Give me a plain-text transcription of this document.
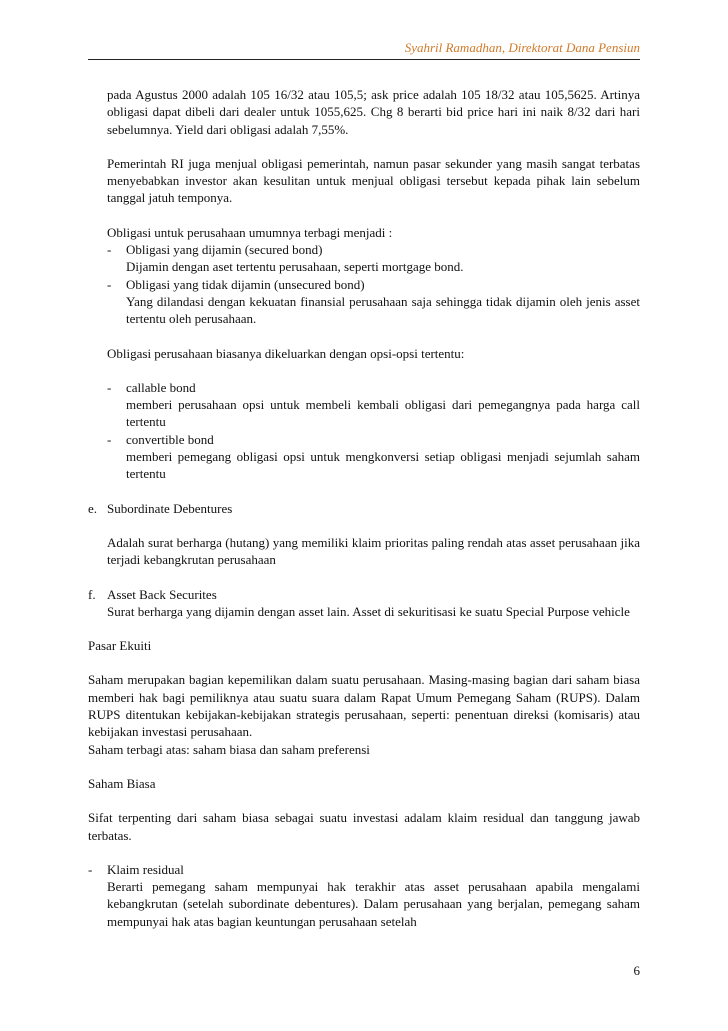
Syahril Ramadhan, Direktorat Dana Pensiun

pada Agustus 2000 adalah 105 16/32 atau 105,5; ask price adalah 105 18/32 atau 105,5625. Artinya obligasi dapat dibeli dari dealer untuk 1055,625. Chg 8 berarti bid price hari ini naik 8/32 dari hari sebelumnya. Yield dari obligasi adalah 7,55%.

Pemerintah RI juga menjual obligasi pemerintah, namun pasar sekunder yang masih sangat terbatas menyebabkan investor akan kesulitan untuk menjual obligasi tersebut kepada pihak lain sebelum tanggal jatuh temponya.

Obligasi untuk perusahaan umumnya terbagi menjadi :

-	Obligasi yang dijamin (secured bond)

Dijamin dengan aset tertentu perusahaan, seperti mortgage bond.

-	Obligasi yang tidak dijamin (unsecured bond)

Yang dilandasi dengan kekuatan finansial perusahaan saja sehingga tidak dijamin oleh jenis asset tertentu oleh perusahaan.

Obligasi perusahaan biasanya dikeluarkan dengan opsi-opsi tertentu:

-	callable bond

memberi perusahaan opsi untuk membeli kembali obligasi dari pemegangnya pada harga call tertentu

-	convertible bond

memberi pemegang obligasi opsi untuk mengkonversi setiap obligasi menjadi sejumlah saham tertentu

e. Subordinate Debentures

Adalah surat berharga (hutang) yang memiliki klaim prioritas paling rendah atas asset perusahaan jika terjadi kebangkrutan perusahaan

f. Asset Back Securites

Surat berharga yang dijamin dengan asset lain. Asset di sekuritisasi ke suatu Special Purpose vehicle

Pasar Ekuiti

Saham merupakan bagian kepemilikan dalam suatu perusahaan. Masing-masing bagian dari saham biasa memberi hak bagi pemiliknya atau suatu suara dalam Rapat Umum Pemegang Saham (RUPS). Dalam RUPS ditentukan kebijakan-kebijakan strategis perusahaan, seperti: penentuan direksi (komisaris) atau kebijakan investasi perusahaan.

Saham terbagi atas: saham biasa dan saham preferensi

Saham Biasa

Sifat terpenting dari saham biasa sebagai suatu investasi adalam klaim residual dan tanggung jawab terbatas.

-	Klaim residual

Berarti pemegang saham mempunyai hak terakhir atas asset perusahaan apabila mengalami kebangkrutan (setelah subordinate debentures). Dalam perusahaan yang berjalan, pemegang saham mempunyai hak atas bagian keuntungan perusahaan setelah

6
